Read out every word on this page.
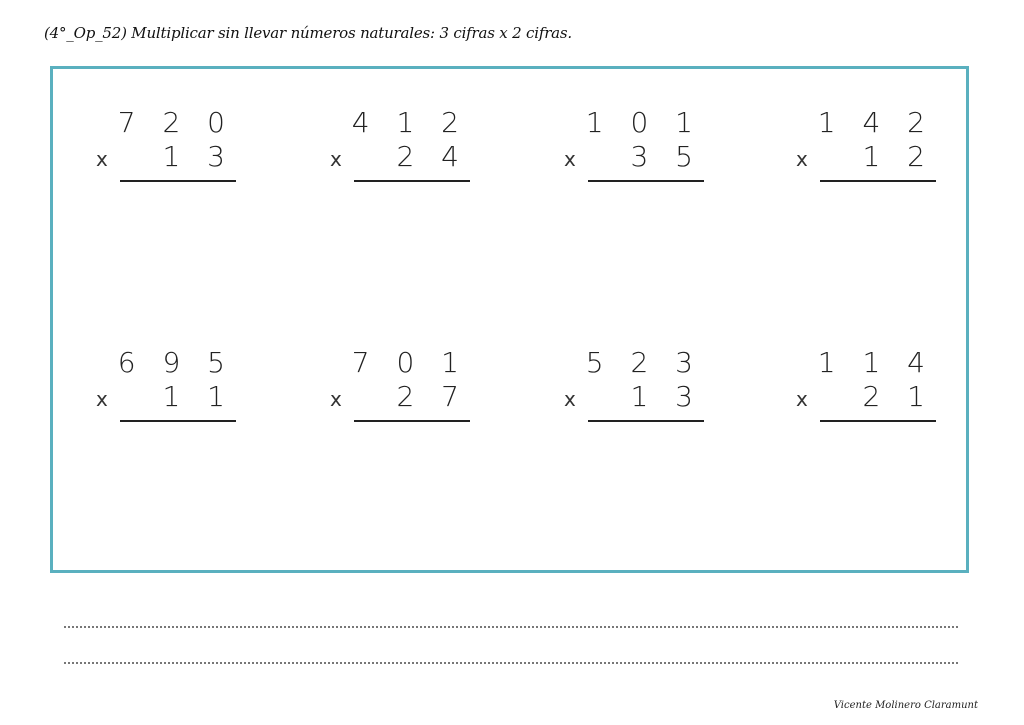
(4°_Op_52) Multiplicar sin llevar números naturales: 3 cifras x 2 cifras.
7 2 0
x 1 3
4 1 2
x 2 4
1 0 1
x 3 5
1 4 2
x 1 2
6 9 5
x 1 1
7 0 1
x 2 7
5 2 3
x 1 3
1 1 4
x 2 1
Vicente Molinero Claramunt
